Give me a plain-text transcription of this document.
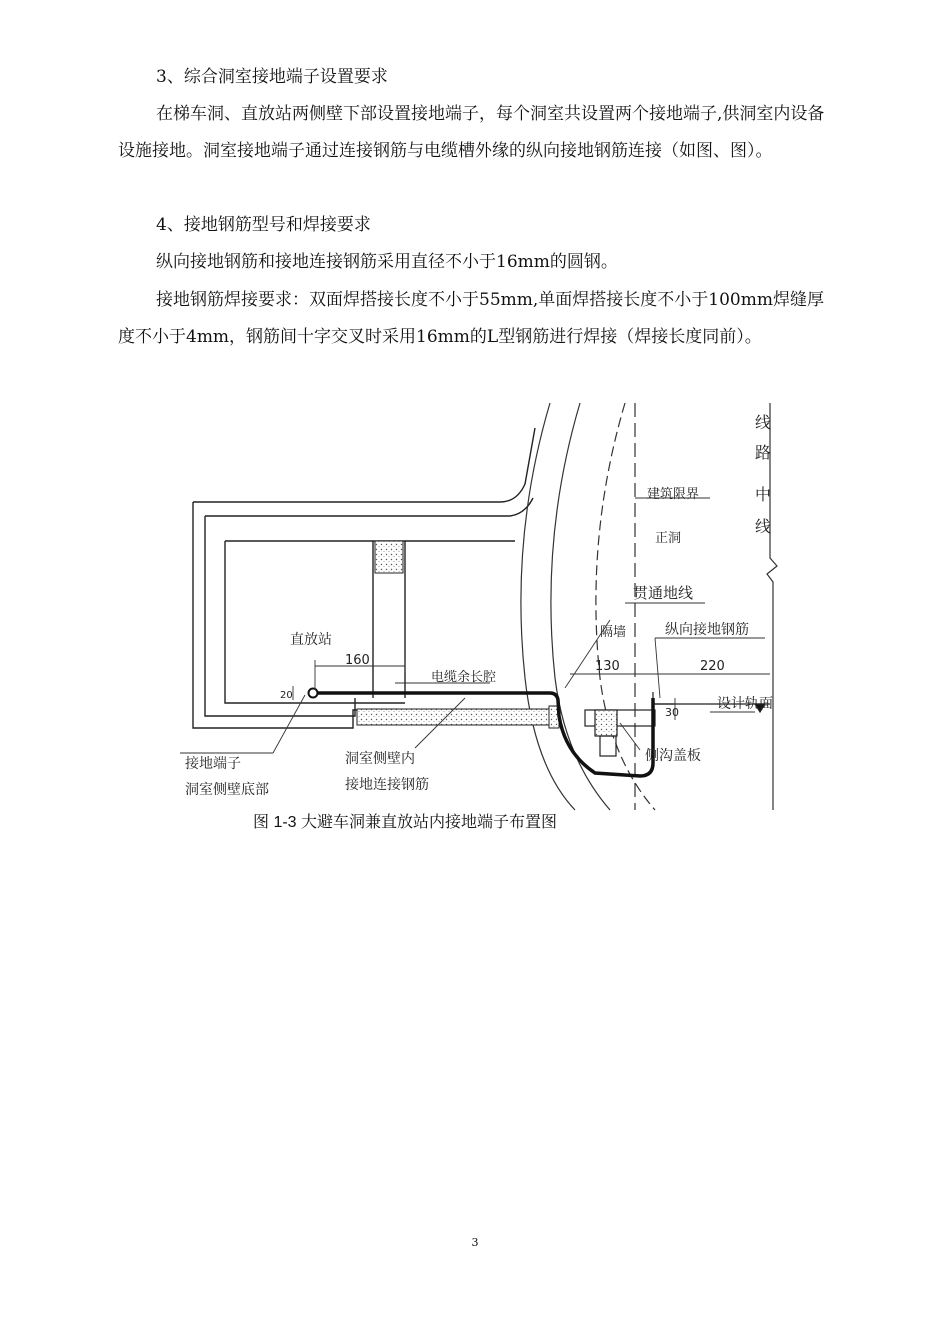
3、综合洞室接地端子设置要求

在梯车洞、直放站两侧壁下部设置接地端子，每个洞室共设置两个接地端子,供洞室内设备设施接地。洞室接地端子通过连接钢筋与电缆槽外缘的纵向接地钢筋连接（如图、图）。

4、接地钢筋型号和焊接要求

纵向接地钢筋和接地连接钢筋采用直径不小于16mm的圆钢。

接地钢筋焊接要求：双面焊搭接长度不小于55mm,单面焊搭接长度不小于100mm焊缝厚度不小于4mm，钢筋间十字交叉时采用16mm的L型钢筋进行焊接（焊接长度同前）。

线
路
中
线
建筑限界
正洞
贯通地线
隔墙	纵向接地钢筋
直放站
电缆余长腔
设计轨面
侧沟盖板
接地端子
洞室侧壁底部
洞室侧壁内
接地连接钢筋
160
20
130	220
30
图 1-3 大避车洞兼直放站内接地端子布置图
3
